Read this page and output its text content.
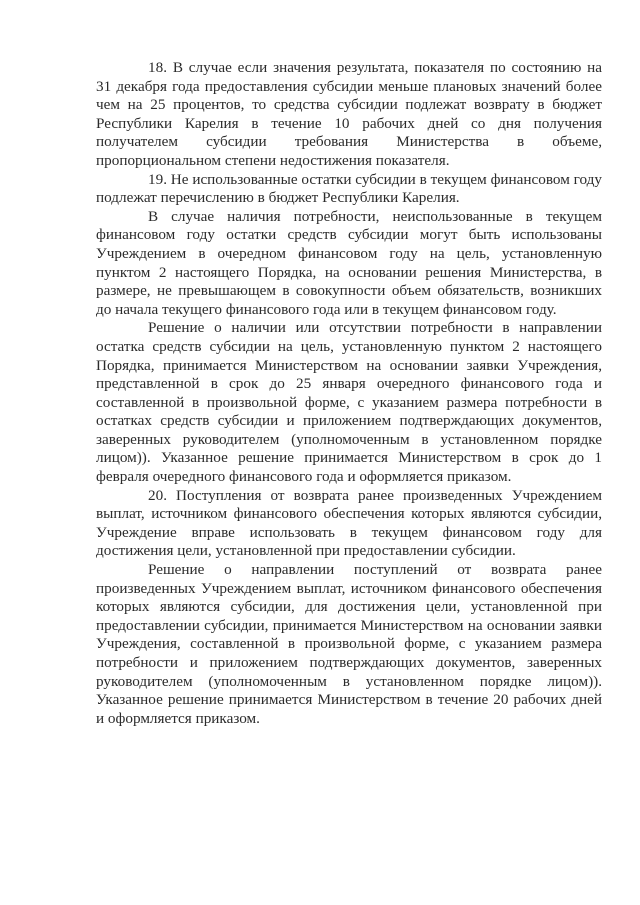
18. В случае если значения результата, показателя по состоянию на 31 декабря года предоставления субсидии меньше плановых значений более чем на 25 процентов, то средства субсидии подлежат возврату в бюджет Республики Карелия в течение 10 рабочих дней со дня получения получателем субсидии требования Министерства в объеме, пропорциональном степени недостижения показателя.

19. Не использованные остатки субсидии в текущем финансовом году подлежат перечислению в бюджет Республики Карелия.

В случае наличия потребности, неиспользованные в текущем финансовом году остатки средств субсидии могут быть использованы Учреждением в очередном финансовом году на цель, установленную пунктом 2 настоящего Порядка, на основании решения Министерства, в размере, не превышающем в совокупности объем обязательств, возникших до начала текущего финансового года или в текущем финансовом году.

Решение о наличии или отсутствии потребности в направлении остатка средств субсидии на цель, установленную пунктом 2 настоящего Порядка, принимается Министерством на основании заявки Учреждения, представленной в срок до 25 января очередного финансового года и составленной в произвольной форме, с указанием размера потребности в остатках средств субсидии и приложением подтверждающих документов, заверенных руководителем (уполномоченным в установленном порядке лицом)). Указанное решение принимается Министерством в срок до 1 февраля очередного финансового года и оформляется приказом.

20. Поступления от возврата ранее произведенных Учреждением выплат, источником финансового обеспечения которых являются субсидии, Учреждение вправе использовать в текущем финансовом году для достижения цели, установленной при предоставлении субсидии.

Решение о направлении поступлений от возврата ранее произведенных Учреждением выплат, источником финансового обеспечения которых являются субсидии, для достижения цели, установленной при предоставлении субсидии, принимается Министерством на основании заявки Учреждения, составленной в произвольной форме, с указанием размера потребности и приложением подтверждающих документов, заверенных руководителем (уполномоченным в установленном порядке лицом)). Указанное решение принимается Министерством в течение 20 рабочих дней и оформляется приказом.
